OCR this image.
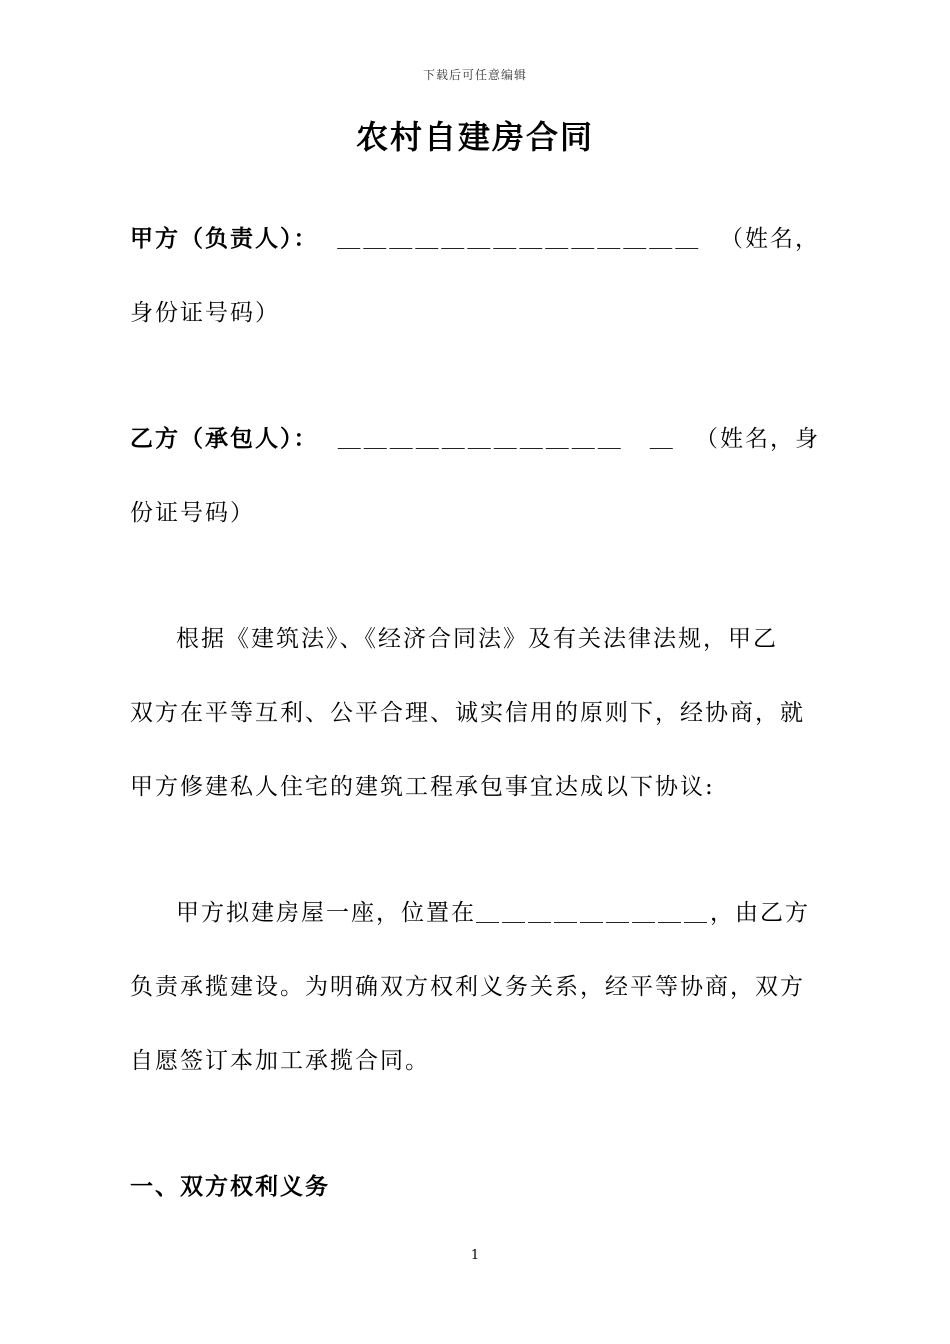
下载后可任意编辑
农村自建房合同
甲方（负责人）： ＿＿＿＿＿＿＿＿＿＿＿＿＿＿ （姓名，
身份证号码）
乙方（承包人）： ＿＿＿＿＿＿＿＿＿＿＿　＿ （姓名，身
份证号码）
根据《建筑法》、《经济合同法》及有关法律法规，甲乙
双方在平等互利、公平合理、诚实信用的原则下，经协商，就
甲方修建私人住宅的建筑工程承包事宜达成以下协议:
甲方拟建房屋一座，位置在＿＿＿＿＿＿＿＿＿，由乙方
负责承揽建设。为明确双方权利义务关系，经平等协商，双方
自愿签订本加工承揽合同。
一、双方权利义务
1
